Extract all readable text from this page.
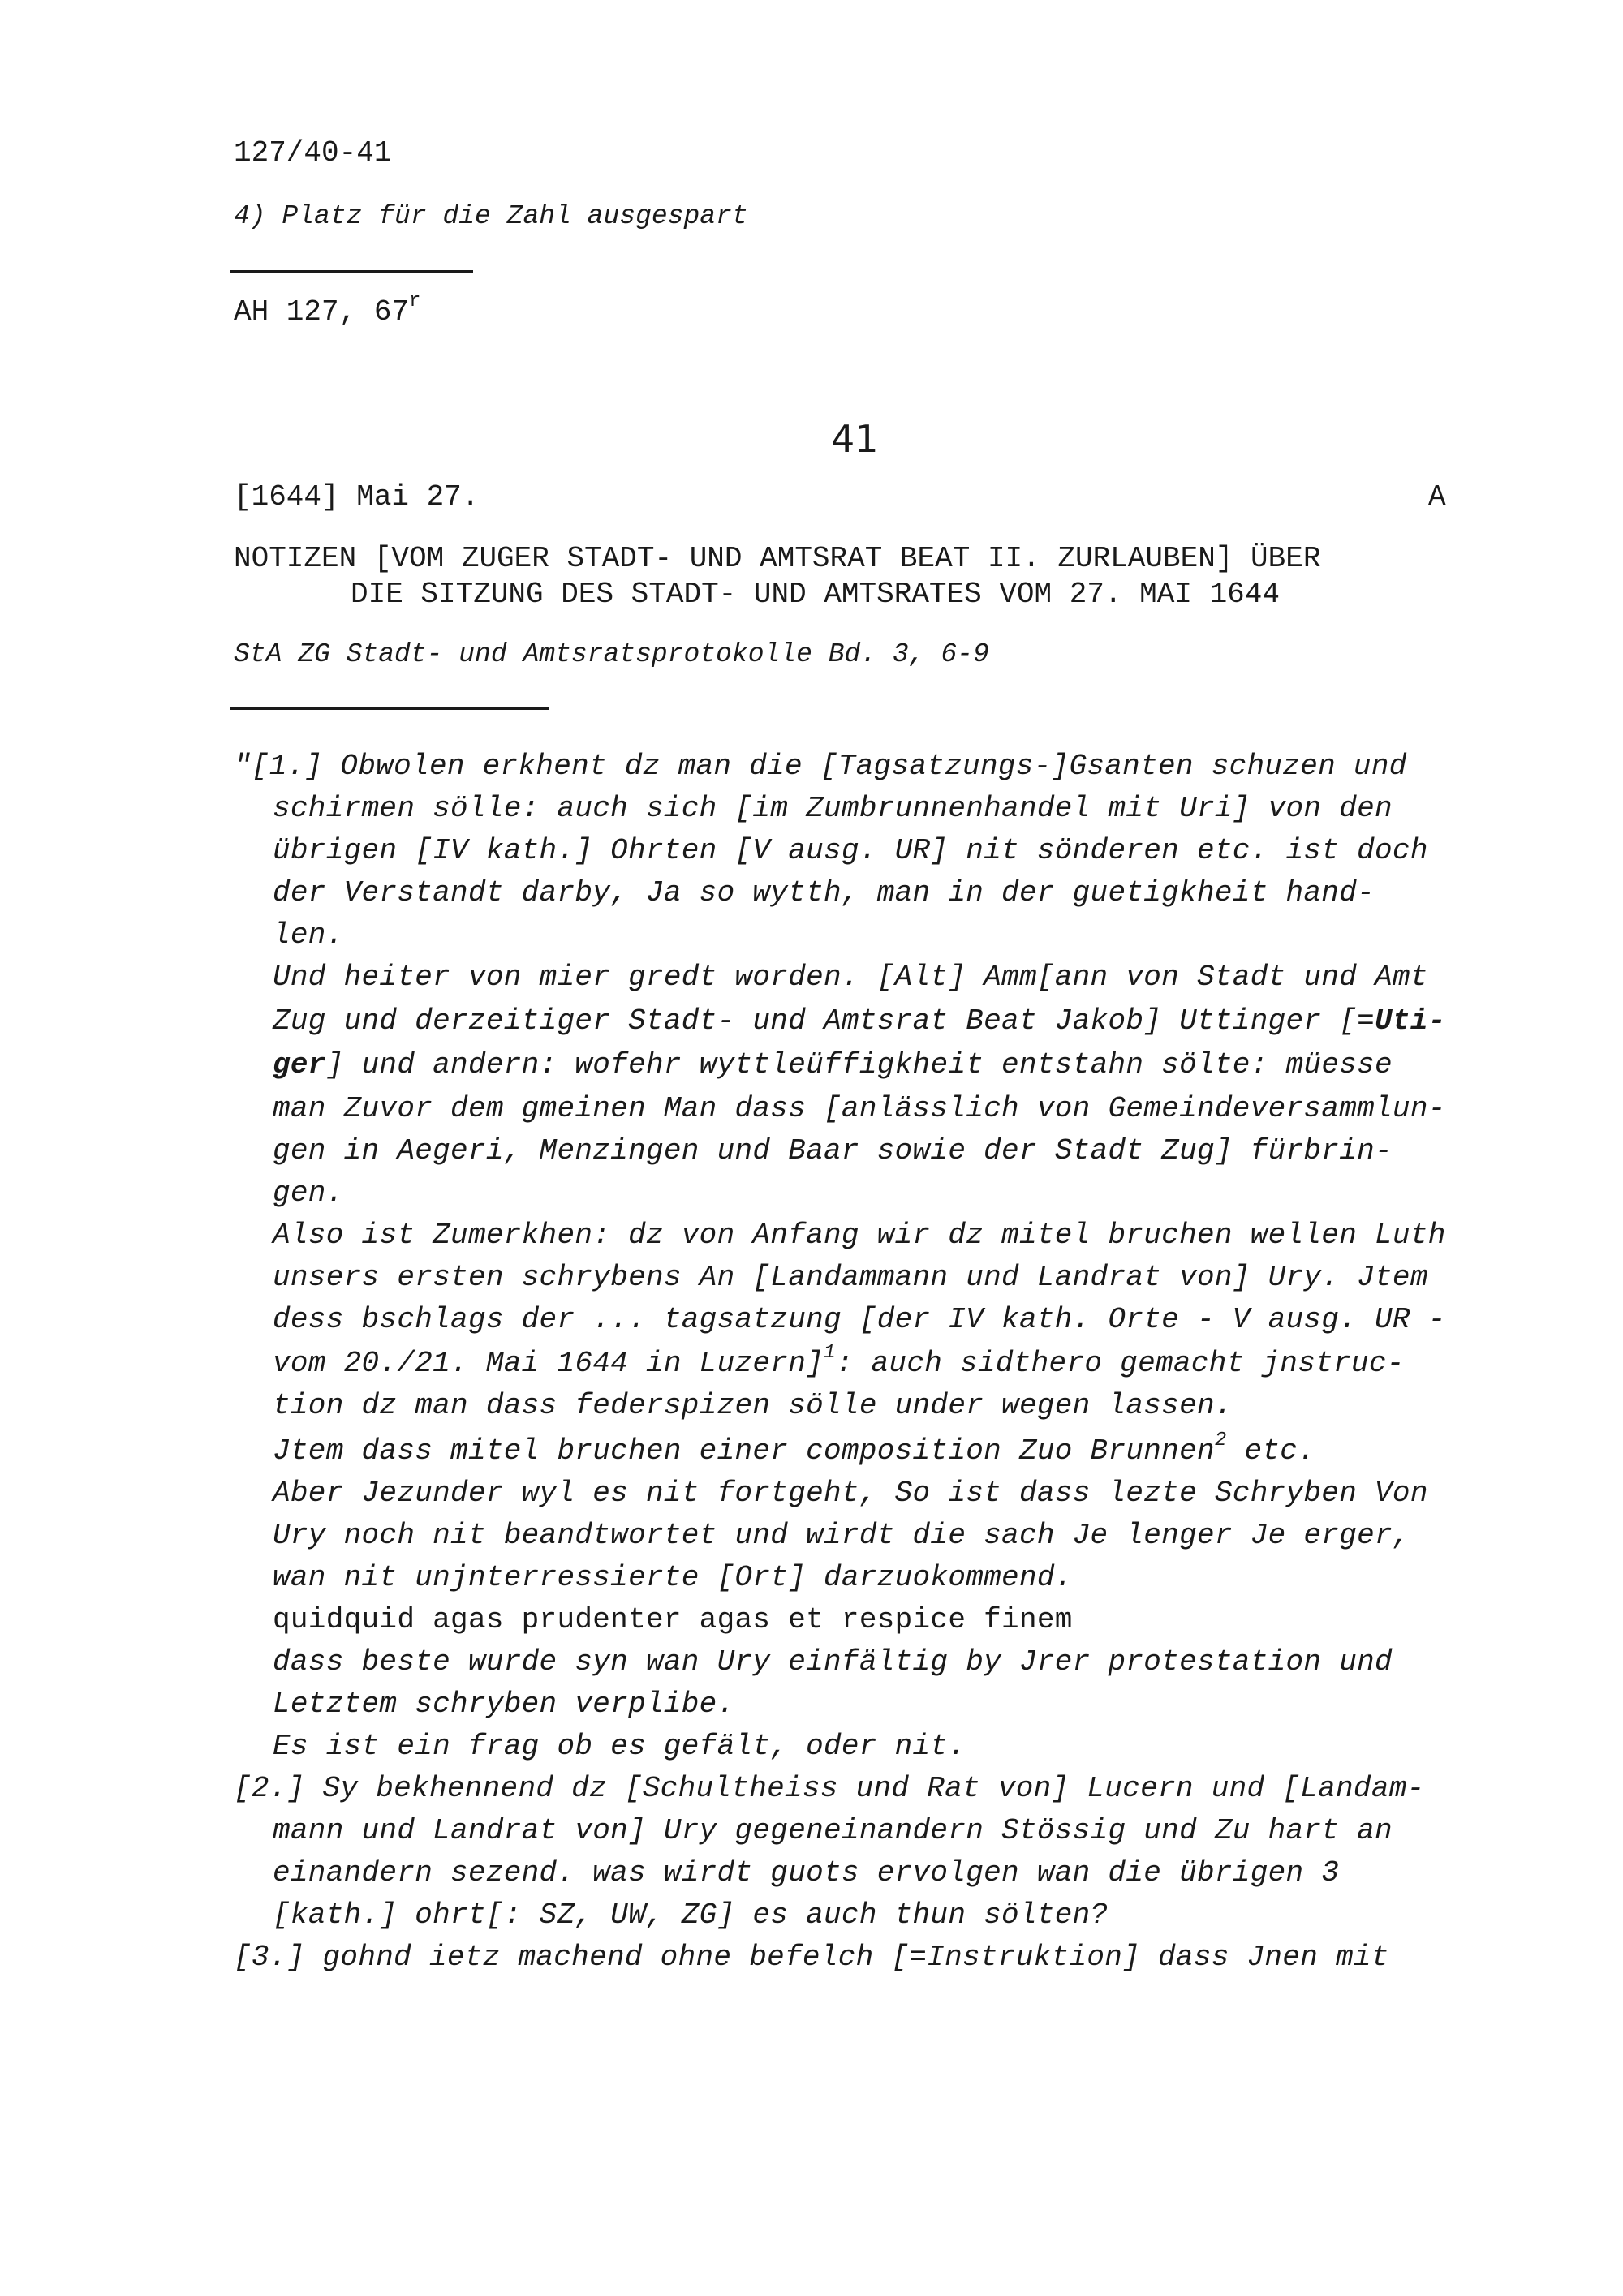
127/40-41
4) Platz für die Zahl ausgespart
AH 127, 67$^r$
41
[1644] Mai 27.	A
NOTIZEN [VOM ZUGER STADT- UND AMTSRAT BEAT II. ZURLAUBEN] ÜBER
DIE SITZUNG DES STADT- UND AMTSRATES VOM 27. MAI 1644
StA ZG Stadt- und Amtsratsprotokolle Bd. 3, 6-9
"[1.] Obwolen erkhent dz man die [Tagsatzungs-]Gsanten schuzen und
schirmen sölle: auch sich [im Zumbrunnenhandel mit Uri] von den
übrigen [IV kath.] Ohrten [V ausg. UR] nit sönderen etc. ist doch
der Verstandt darby, Ja so wytth, man in der guetigkheit hand-
len.
Und heiter von mier gredt worden. [Alt] Amm[ann von Stadt und Amt
Zug und derzeitiger Stadt- und Amtsrat Beat Jakob] Uttinger [=Uti-
ger] und andern: wofehr wyttleüffigkheit entstahn sölte: müesse
man Zuvor dem gmeinen Man dass [anlässlich von Gemeindeversammlun-
gen in Aegeri, Menzingen und Baar sowie der Stadt Zug] fürbrin-
gen.
Also ist Zumerkhen: dz von Anfang wir dz mitel bruchen wellen Luth
unsers ersten schrybens An [Landammann und Landrat von] Ury. Jtem
dess bschlags der ... tagsatzung [der IV kath. Orte - V ausg. UR -
vom 20./21. Mai 1644 in Luzern]$^1$: auch sidthero gemacht jnstruc-
tion dz man dass federspizen sölle under wegen lassen.
Jtem dass mitel bruchen einer composition Zuo Brunnen$^2$ etc.
Aber Jezunder wyl es nit fortgeht, So ist dass lezte Schryben Von
Ury noch nit beandtwortet und wirdt die sach Je lenger Je erger,
wan nit unjnterressierte [Ort] darzuokommend.
quidquid agas prudenter agas et respice finem
dass beste wurde syn wan Ury einfältig by Jrer protestation und
Letztem schryben verplibe.
Es ist ein frag ob es gefält, oder nit.
[2.] Sy bekhennend dz [Schultheiss und Rat von] Lucern und [Landam-
mann und Landrat von] Ury gegeneinandern Stössig und Zu hart an
einandern sezend. was wirdt guots ervolgen wan die übrigen 3
[kath.] ohrt[: SZ, UW, ZG] es auch thun sölten?
[3.] gohnd ietz machend ohne befelch [=Instruktion] dass Jnen mit
